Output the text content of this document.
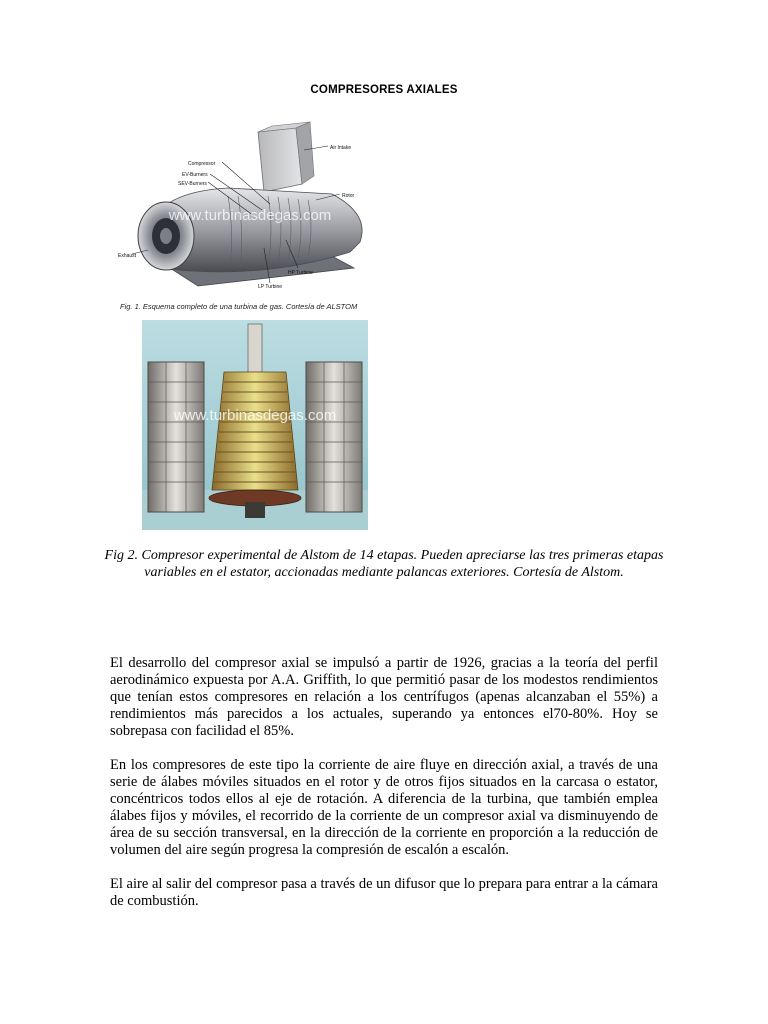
COMPRESORES AXIALES
Air Intake
Compressor
EV-Burners
SEV-Burners
Rotor
Exhaust
HP Turbine
LP Turbine
www.turbinasdegas.com
Fig. 1. Esquema completo de una turbina de gas. Cortesía de ALSTOM
www.turbinasdegas.com
Fig 2. Compresor experimental de Alstom de 14 etapas. Pueden apreciarse las tres primeras etapas variables en el estator, accionadas mediante palancas exteriores. Cortesía de Alstom.

El desarrollo del compresor axial se impulsó a partir de 1926, gracias a la teoría del perfil aerodinámico expuesta por A.A. Griffith, lo que permitió pasar de los modestos rendimientos que tenían estos compresores en relación a los centrífugos (apenas alcanzaban el 55%) a rendimientos más parecidos a los actuales, superando ya entonces el70-80%. Hoy se sobrepasa con facilidad el 85%.

En los compresores de este tipo la corriente de aire fluye en dirección axial, a través de una serie de álabes móviles situados en el rotor y de otros fijos situados en la carcasa o estator, concéntricos todos ellos al eje de rotación. A diferencia de la turbina, que también emplea álabes fijos y móviles, el recorrido de la corriente de un compresor axial va disminuyendo de área de su sección transversal, en la dirección de la corriente en proporción a la reducción de volumen del aire según progresa la compresión de escalón a escalón.

El aire al salir del compresor pasa a través de un difusor que lo prepara para entrar a la cámara de combustión.
